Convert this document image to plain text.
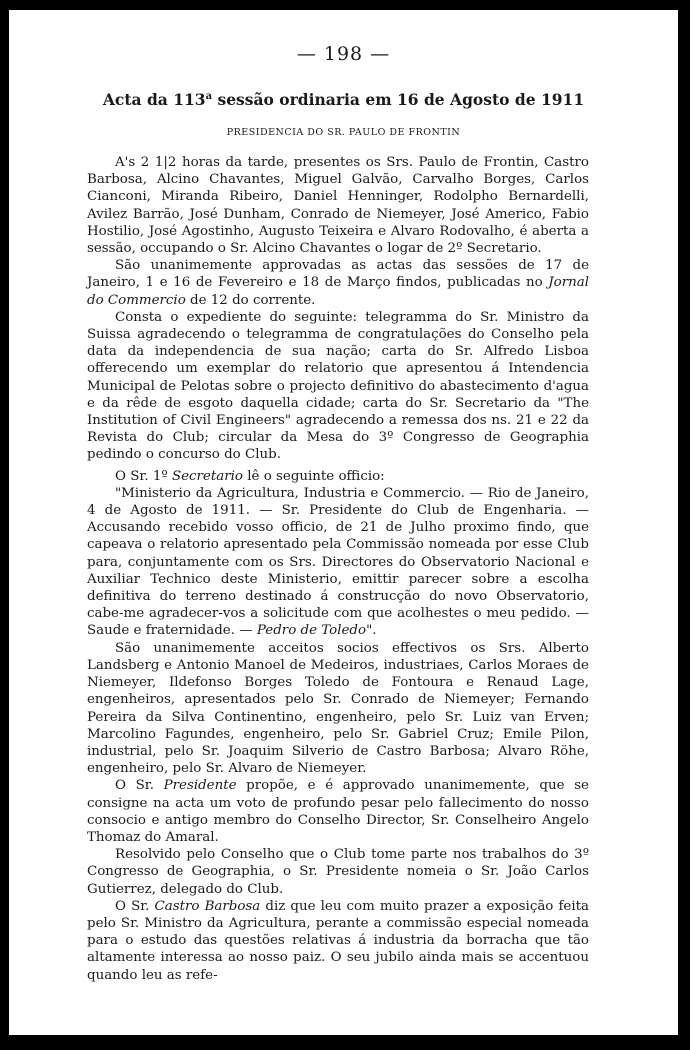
— 198 —
Acta da 113$^a$ sessão ordinaria em 16 de Agosto de 1911
PRESIDENCIA DO SR. PAULO DE FRONTIN

A's 2 1|2 horas da tarde, presentes os Srs. Paulo de Frontin, Castro Barbosa, Alcino Chavantes, Miguel Galvão, Carvalho Borges, Carlos Cianconi, Miranda Ribeiro, Daniel Henninger, Rodolpho Bernardelli, Avilez Barrão, José Dunham, Conrado de Niemeyer, José Americo, Fabio Hostilio, José Agostinho, Augusto Teixeira e Alvaro Rodovalho, é aberta a sessão, occupando o Sr. Alcino Chavantes o logar de 2º Secretario.

São unanimemente approvadas as actas das sessões de 17 de Janeiro, 1 e 16 de Fevereiro e 18 de Março findos, publicadas no Jornal do Commercio de 12 do corrente.

Consta o expediente do seguinte: telegramma do Sr. Ministro da Suissa agradecendo o telegramma de congratulações do Conselho pela data da independencia de sua nação; carta do Sr. Alfredo Lisboa offerecendo um exemplar do relatorio que apresentou á Intendencia Municipal de Pelotas sobre o projecto definitivo do abastecimento d'agua e da rêde de esgoto daquella cidade; carta do Sr. Secretario da "The Institution of Civil Engineers" agradecendo a remessa dos ns. 21 e 22 da Revista do Club; circular da Mesa do 3º Congresso de Geographia pedindo o concurso do Club.

O Sr. 1º Secretario lê o seguinte officio:

"Ministerio da Agricultura, Industria e Commercio. — Rio de Janeiro, 4 de Agosto de 1911. — Sr. Presidente do Club de Engenharia. — Accusando recebido vosso officio, de 21 de Julho proximo findo, que capeava o relatorio apresentado pela Commissão nomeada por esse Club para, conjuntamente com os Srs. Directores do Observatorio Nacional e Auxiliar Technico deste Ministerio, emittir parecer sobre a escolha definitiva do terreno destinado á construcção do novo Observatorio, cabe-me agradecer-vos a solicitude com que acolhestes o meu pedido. — Saude e fraternidade. — Pedro de Toledo".

São unanimemente acceitos socios effectivos os Srs. Alberto Landsberg e Antonio Manoel de Medeiros, industriaes, Carlos Moraes de Niemeyer, Ildefonso Borges Toledo de Fontoura e Renaud Lage, engenheiros, apresentados pelo Sr. Conrado de Niemeyer; Fernando Pereira da Silva Continentino, engenheiro, pelo Sr. Luiz van Erven; Marcolino Fagundes, engenheiro, pelo Sr. Gabriel Cruz; Emile Pilon, industrial, pelo Sr. Joaquim Silverio de Castro Barbosa; Alvaro Röhe, engenheiro, pelo Sr. Alvaro de Niemeyer.

O Sr. Presidente propõe, e é approvado unanimemente, que se consigne na acta um voto de profundo pesar pelo fallecimento do nosso consocio e antigo membro do Conselho Director, Sr. Conselheiro Angelo Thomaz do Amaral.

Resolvido pelo Conselho que o Club tome parte nos trabalhos do 3º Congresso de Geographia, o Sr. Presidente nomeia o Sr. João Carlos Gutierrez, delegado do Club.

O Sr. Castro Barbosa diz que leu com muito prazer a exposição feita pelo Sr. Ministro da Agricultura, perante a commissão especial nomeada para o estudo das questões relativas á industria da borracha que tão altamente interessa ao nosso paiz. O seu jubilo ainda mais se accentuou quando leu as refe-
